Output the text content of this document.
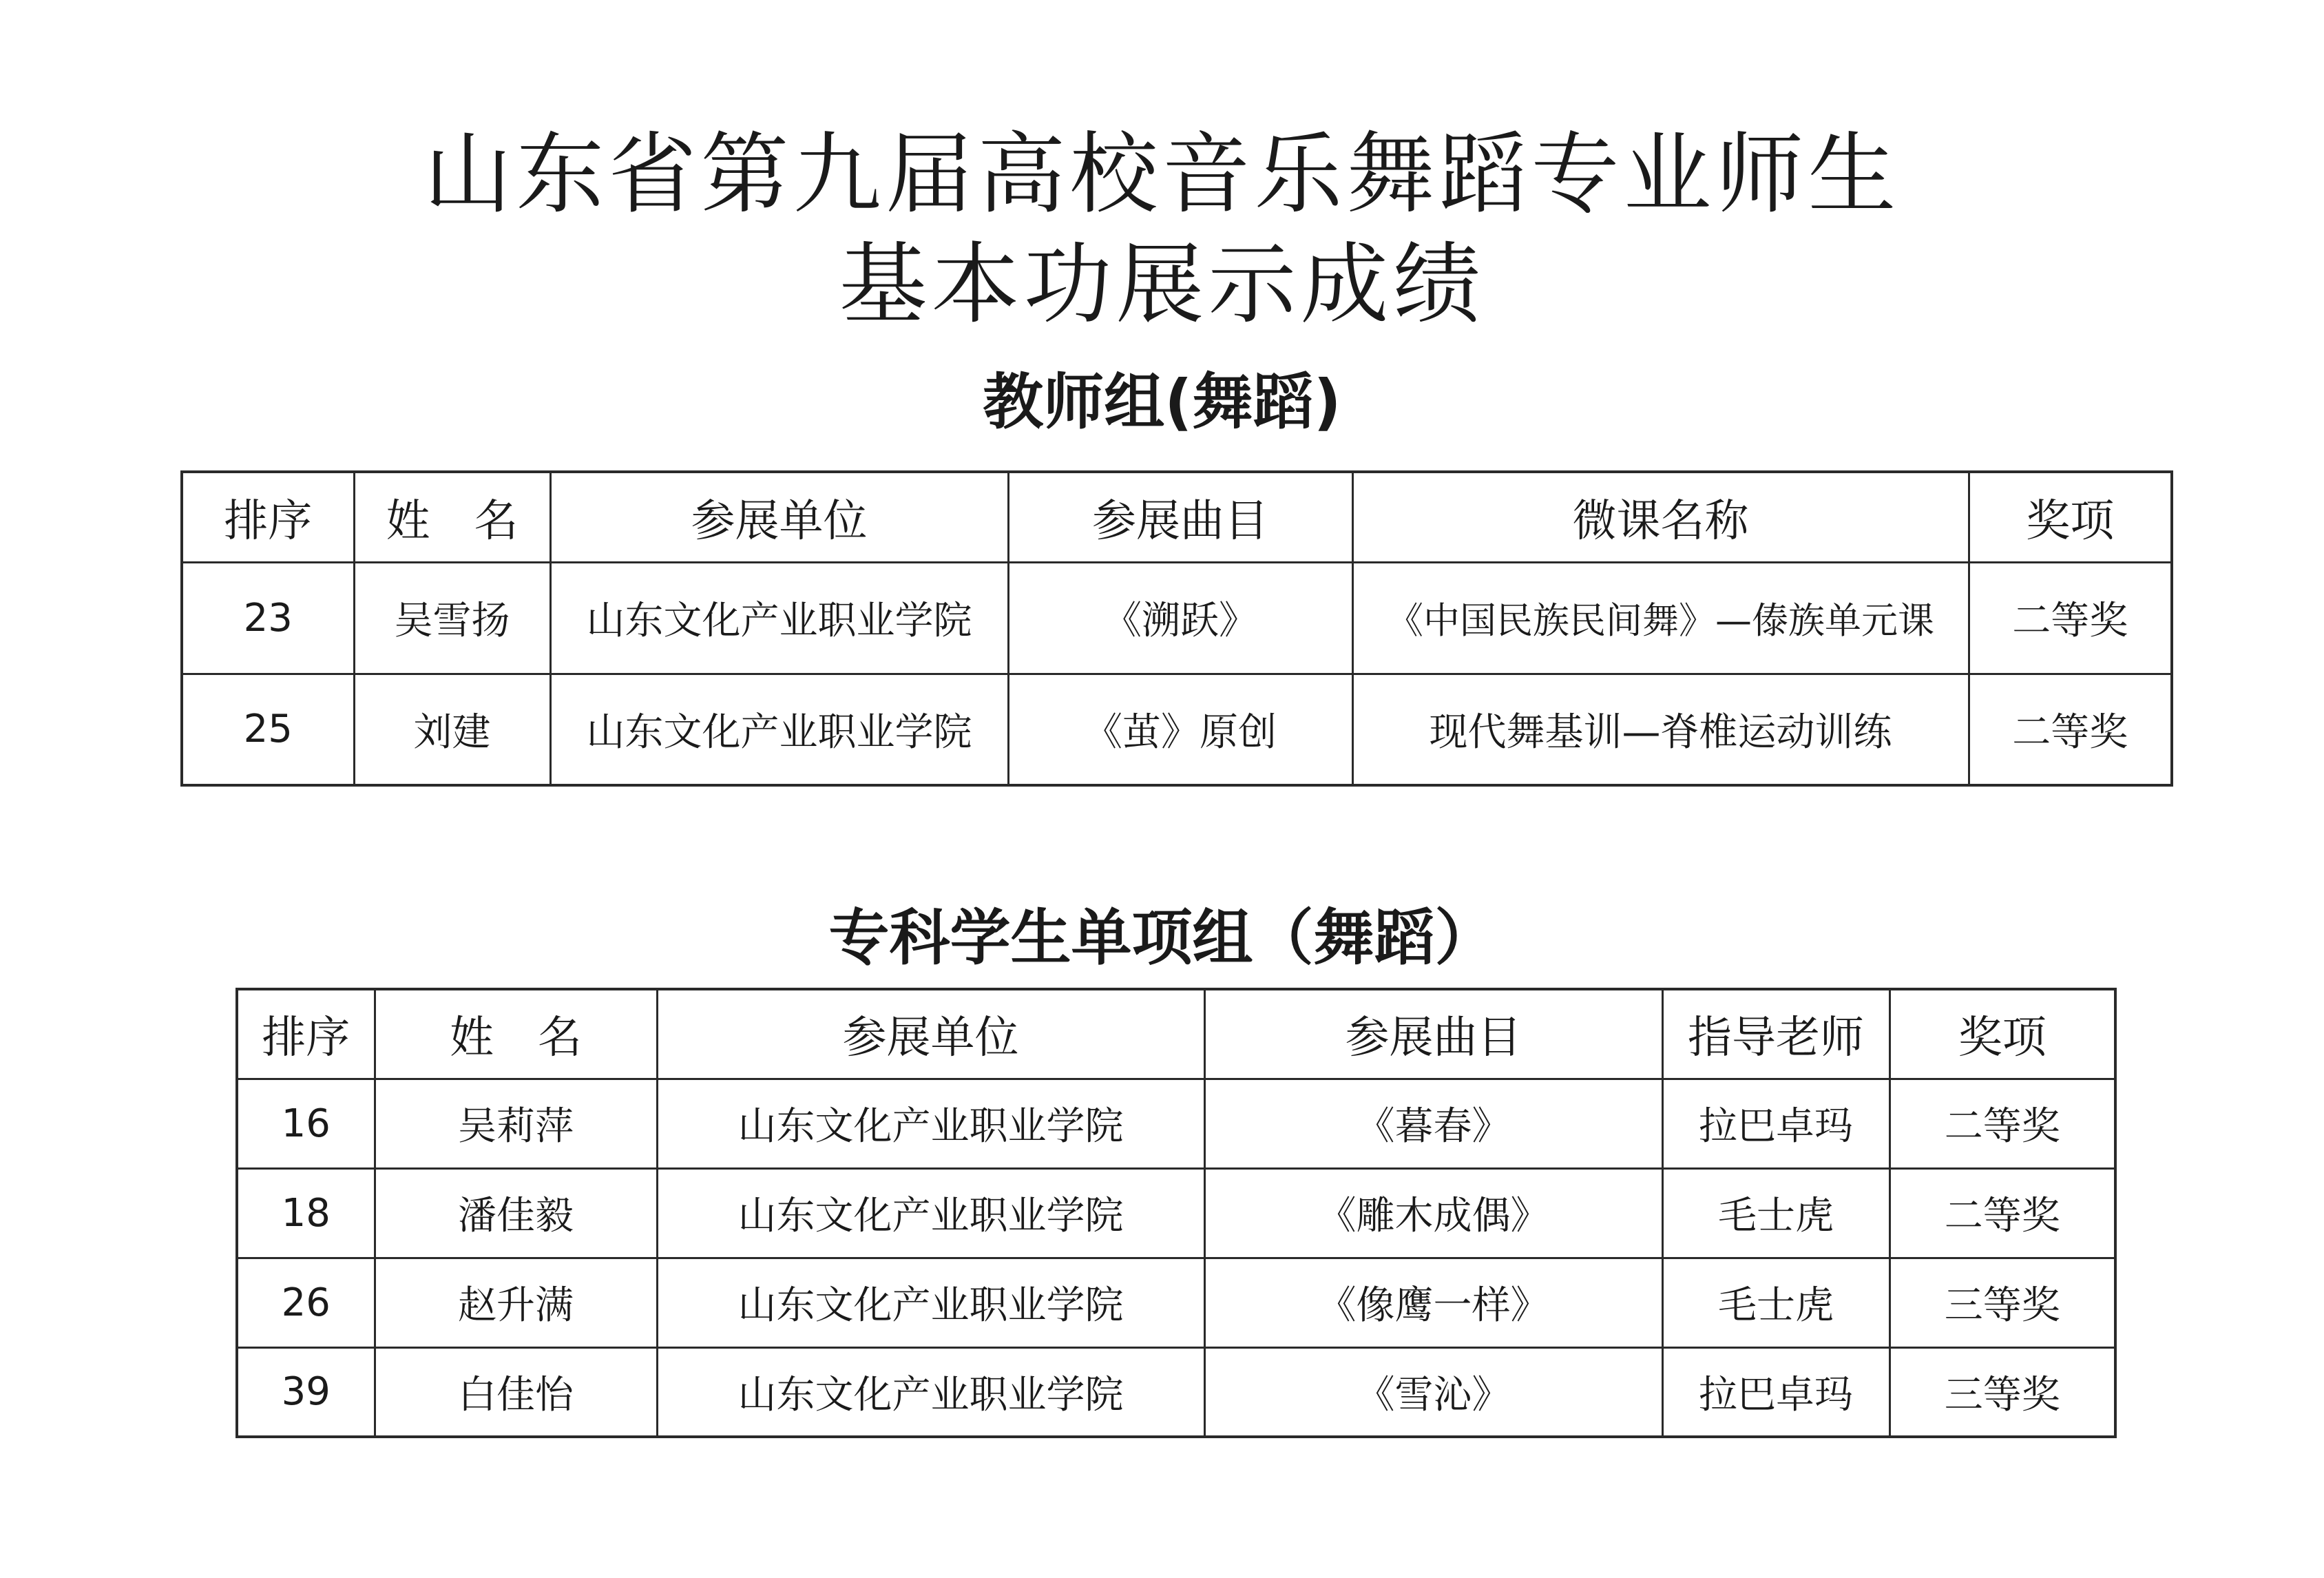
山东省第九届高校音乐舞蹈专业师生
基本功展示成绩
教师组(舞蹈)
排序	姓　名	参展单位	参展曲目	微课名称	奖项
23	吴雪扬	山东文化产业职业学院	《溯跃》	《中国民族民间舞》—傣族单元课	二等奖
25	刘建	山东文化产业职业学院	《茧》原创	现代舞基训—脊椎运动训练	二等奖
专科学生单项组（舞蹈）
排序	姓　名	参展单位	参展曲目	指导老师	奖项
16	吴莉萍	山东文化产业职业学院	《暮春》	拉巴卓玛	二等奖
18	潘佳毅	山东文化产业职业学院	《雕木成偶》	毛士虎	二等奖
26	赵升满	山东文化产业职业学院	《像鹰一样》	毛士虎	三等奖
39	白佳怡	山东文化产业职业学院	《雪沁》	拉巴卓玛	三等奖
